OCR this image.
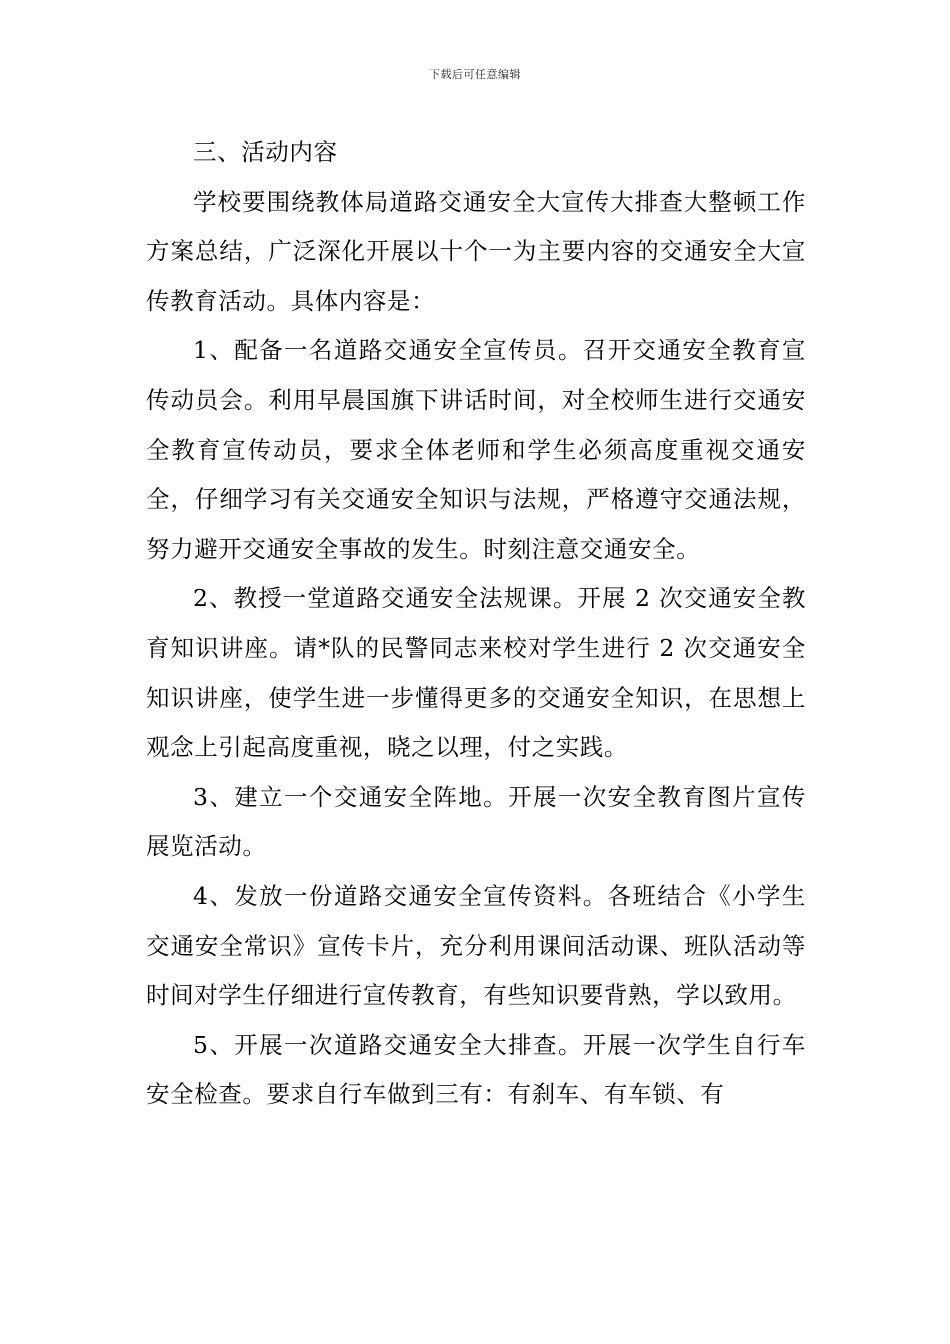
下载后可任意编辑

三、活动内容

学校要围绕教体局道路交通安全大宣传大排查大整顿工作方案总结，广泛深化开展以十个一为主要内容的交通安全大宣传教育活动。具体内容是：

1、配备一名道路交通安全宣传员。召开交通安全教育宣传动员会。利用早晨国旗下讲话时间，对全校师生进行交通安全教育宣传动员，要求全体老师和学生必须高度重视交通安全，仔细学习有关交通安全知识与法规，严格遵守交通法规，努力避开交通安全事故的发生。时刻注意交通安全。

2、教授一堂道路交通安全法规课。开展 2 次交通安全教育知识讲座。请*队的民警同志来校对学生进行 2 次交通安全知识讲座，使学生进一步懂得更多的交通安全知识，在思想上观念上引起高度重视，晓之以理，付之实践。

3、建立一个交通安全阵地。开展一次安全教育图片宣传展览活动。

4、发放一份道路交通安全宣传资料。各班结合《小学生交通安全常识》宣传卡片，充分利用课间活动课、班队活动等时间对学生仔细进行宣传教育，有些知识要背熟，学以致用。

5、开展一次道路交通安全大排查。开展一次学生自行车安全检查。要求自行车做到三有：有刹车、有车锁、有
